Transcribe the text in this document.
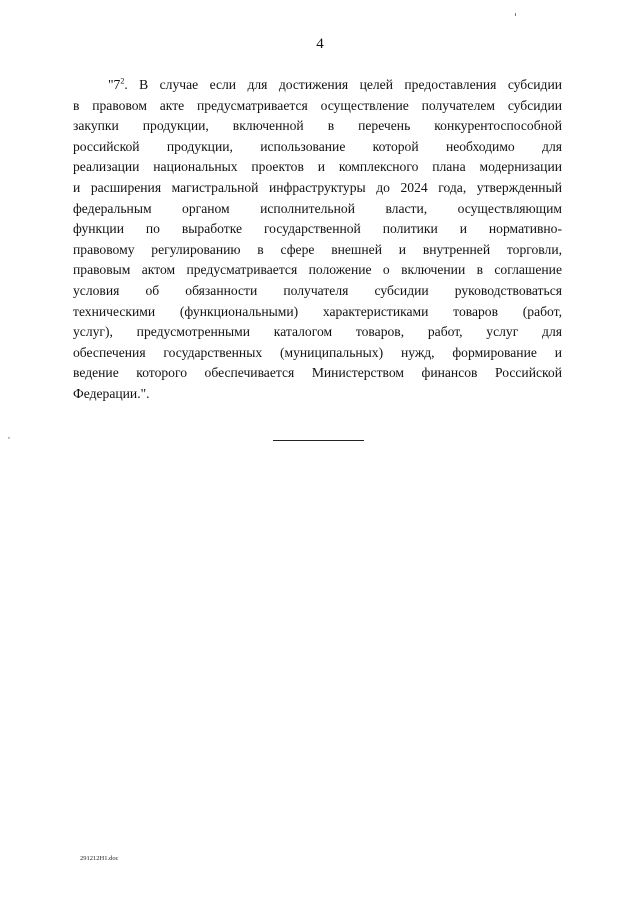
4
"$7^2$. В случае если для достижения целей предоставления субсидии
в правовом акте предусматривается осуществление получателем субсидии
закупки продукции, включенной в перечень конкурентоспособной
российской продукции, использование которой необходимо для
реализации национальных проектов и комплексного плана модернизации
и расширения магистральной инфраструктуры до 2024 года, утвержденный
федеральным органом исполнительной власти, осуществляющим
функции по выработке государственной политики и нормативно-
правовому регулированию в сфере внешней и внутренней торговли,
правовым актом предусматривается положение о включении в соглашение
условия об обязанности получателя субсидии руководствоваться
техническими (функциональными) характеристиками товаров (работ,
услуг), предусмотренными каталогом товаров, работ, услуг для
обеспечения государственных (муниципальных) нужд, формирование и
ведение которого обеспечивается Министерством финансов Российской
Федерации.".
,
291212H1.doc
